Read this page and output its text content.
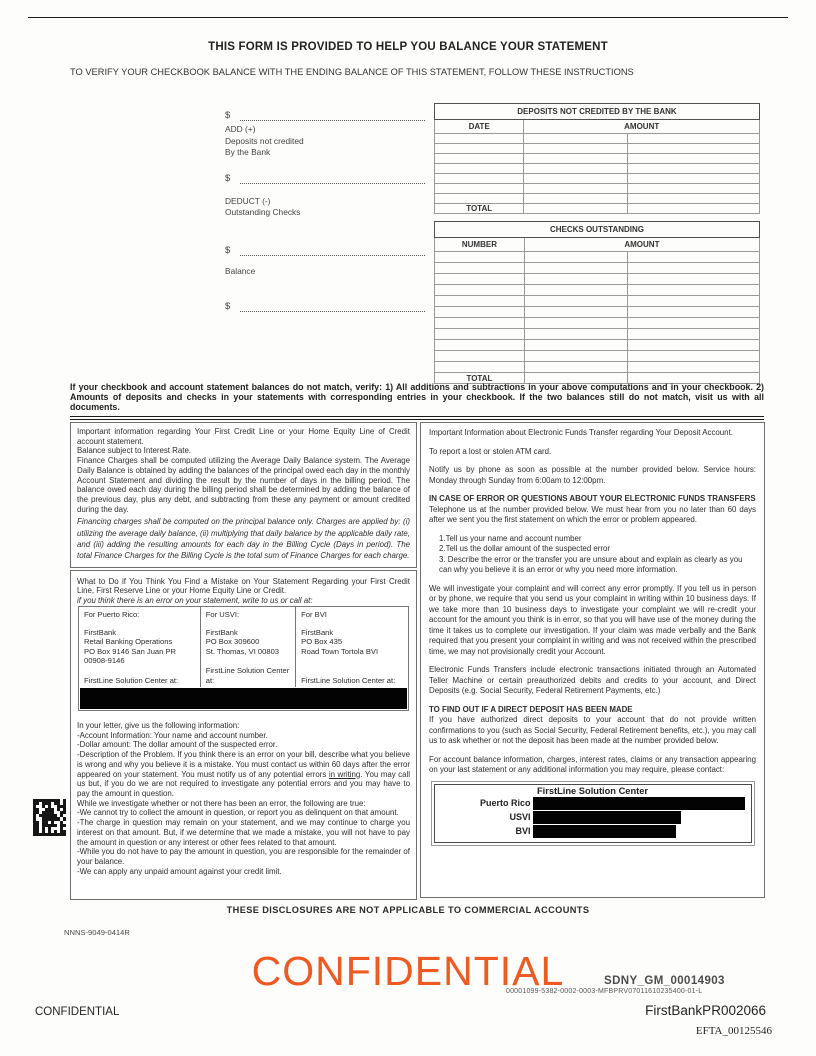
THIS FORM IS PROVIDED TO HELP YOU BALANCE YOUR STATEMENT
TO VERIFY YOUR CHECKBOOK BALANCE WITH THE ENDING BALANCE OF THIS STATEMENT, FOLLOW THESE INSTRUCTIONS
$
ADD (+)
Deposits not credited
By the Bank
$
DEDUCT (-)
Outstanding Checks
$
Balance
$
DEPOSITS NOT CREDITED BY THE BANK		
DATE	AMOUNT	

TOTAL		
CHECKS OUTSTANDING		
NUMBER	AMOUNT	

TOTAL		
If your checkbook and account statement balances do not match, verify: 1) All additions and subtractions in your above computations and in your checkbook. 2) Amounts of deposits and checks in your statements with corresponding entries in your checkbook. If the two balances still do not match, visit us with all documents.

Important information regarding Your First Credit Line or your Home Equity Line of Credit account statement.

Balance subject to Interest Rate.

Finance Charges shall be computed utilizing the Average Daily Balance system. The Average Daily Balance is obtained by adding the balances of the principal owed each day in the monthly Account Statement and dividing the result by the number of days in the billing period. The balance owed each day during the billing period shall be determined by adding the balance of the previous day, plus any debt, and subtracting from these any payment or amount credited during the day.

Financing charges shall be computed on the principal balance only. Charges are applied by: (i) utilizing the average daily balance, (ii) multiplying that daily balance by the applicable daily rate, and (iii) adding the resulting amounts for each day in the Billing Cycle (Days in period). The total Finance Charges for the Billing Cycle is the total sum of Finance Charges for each charge.

What to Do if You Think You Find a Mistake on Your Statement Regarding your First Credit Line, First Reserve Line or your Home Equity Line or Credit.

if you think there is an error on your statement, write to us or call at:

For Puerto Rico:
FirstBank
Retail Banking Operations
PO Box 9146 San Juan PR
00908-9146
FirstLine Solution Center at:
For USVI:
FirstBank
PO Box 309600
St. Thomas, VI 00803
FirstLine Solution Center at:
For BVI
FirstBank
PO Box 435
Road Town Tortola BVI
FirstLine Solution Center at:

In your letter, give us the following information:

-Account Information: Your name and account number.

-Dollar amount: The dollar amount of the suspected error.

-Description of the Problem. If you think there is an error on your bill, describe what you believe is wrong and why you believe it is a mistake. You must contact us within 60 days after the error appeared on your statement. You must notify us of any potential errors in writing. You may call us but, if you do we are not required to investigate any potential errors and you may have to pay the amount in question.

While we investigate whether or not there has been an error, the following are true:

-We cannot try to collect the amount in question, or report you as delinquent on that amount.

-The charge in question may remain on your statement, and we may continue to charge you interest on that amount. But, if we determine that we made a mistake, you will not have to pay the amount in question or any interest or other fees related to that amount.

-While you do not have to pay the amount in question, you are responsible for the remainder of your balance.

-We can apply any unpaid amount against your credit limit.

Important Information about Electronic Funds Transfer regarding Your Deposit Account.

To report a lost or stolen ATM card.

Notify us by phone as soon as possible at the number provided below. Service hours: Monday through Sunday from 6:00am to 12:00pm.

IN CASE OF ERROR OR QUESTIONS ABOUT YOUR ELECTRONIC FUNDS TRANSFERS

Telephone us at the number provided below. We must hear from you no later than 60 days after we sent you the first statement on which the error or problem appeared.

1.Tell us your name and account number

2.Tell us the dollar amount of the suspected error

3. Describe the error or the transfer you are unsure about and explain as clearly as you can why you believe it is an error or why you need more information.

We will investigate your complaint and will correct any error promptly. If you tell us in person or by phone, we require that you send us your complaint in writing within 10 business days. If we take more than 10 business days to investigate your complaint we will re-credit your account for the amount you think is in error, so that you will have use of the money during the time it takes us to complete our investigation. If your claim was made verbally and the Bank required that you present your complaint in writing and was not received within the prescribed time, we may not provisionally credit your Account.

Electronic Funds Transfers include electronic transactions initiated through an Automated Teller Machine or certain preauthorized debits and credits to your account, and Direct Deposits (e.g. Social Security, Federal Retirement Payments, etc.)

TO FIND OUT IF A DIRECT DEPOSIT HAS BEEN MADE

If you have authorized direct deposits to your account that do not provide written confirmations to you (such as Social Security, Federal Retirement benefits, etc.), you may call us to ask whether or not the deposit has been made at the number provided below.

For account balance information, charges, interest rates, claims or any transaction appearing on your last statement or any additional information you may require, please contact:

FirstLine Solution Center
Puerto Rico
USVI
BVI
THESE DISCLOSURES ARE NOT APPLICABLE TO COMMERCIAL ACCOUNTS
NNNS-9049-0414R
CONFIDENTIAL	SDNY_GM_00014903
00001099-5382-0002-0003-MFBPRV07011610235400-01-L
CONFIDENTIAL	FirstBankPR002066
EFTA_00125546
